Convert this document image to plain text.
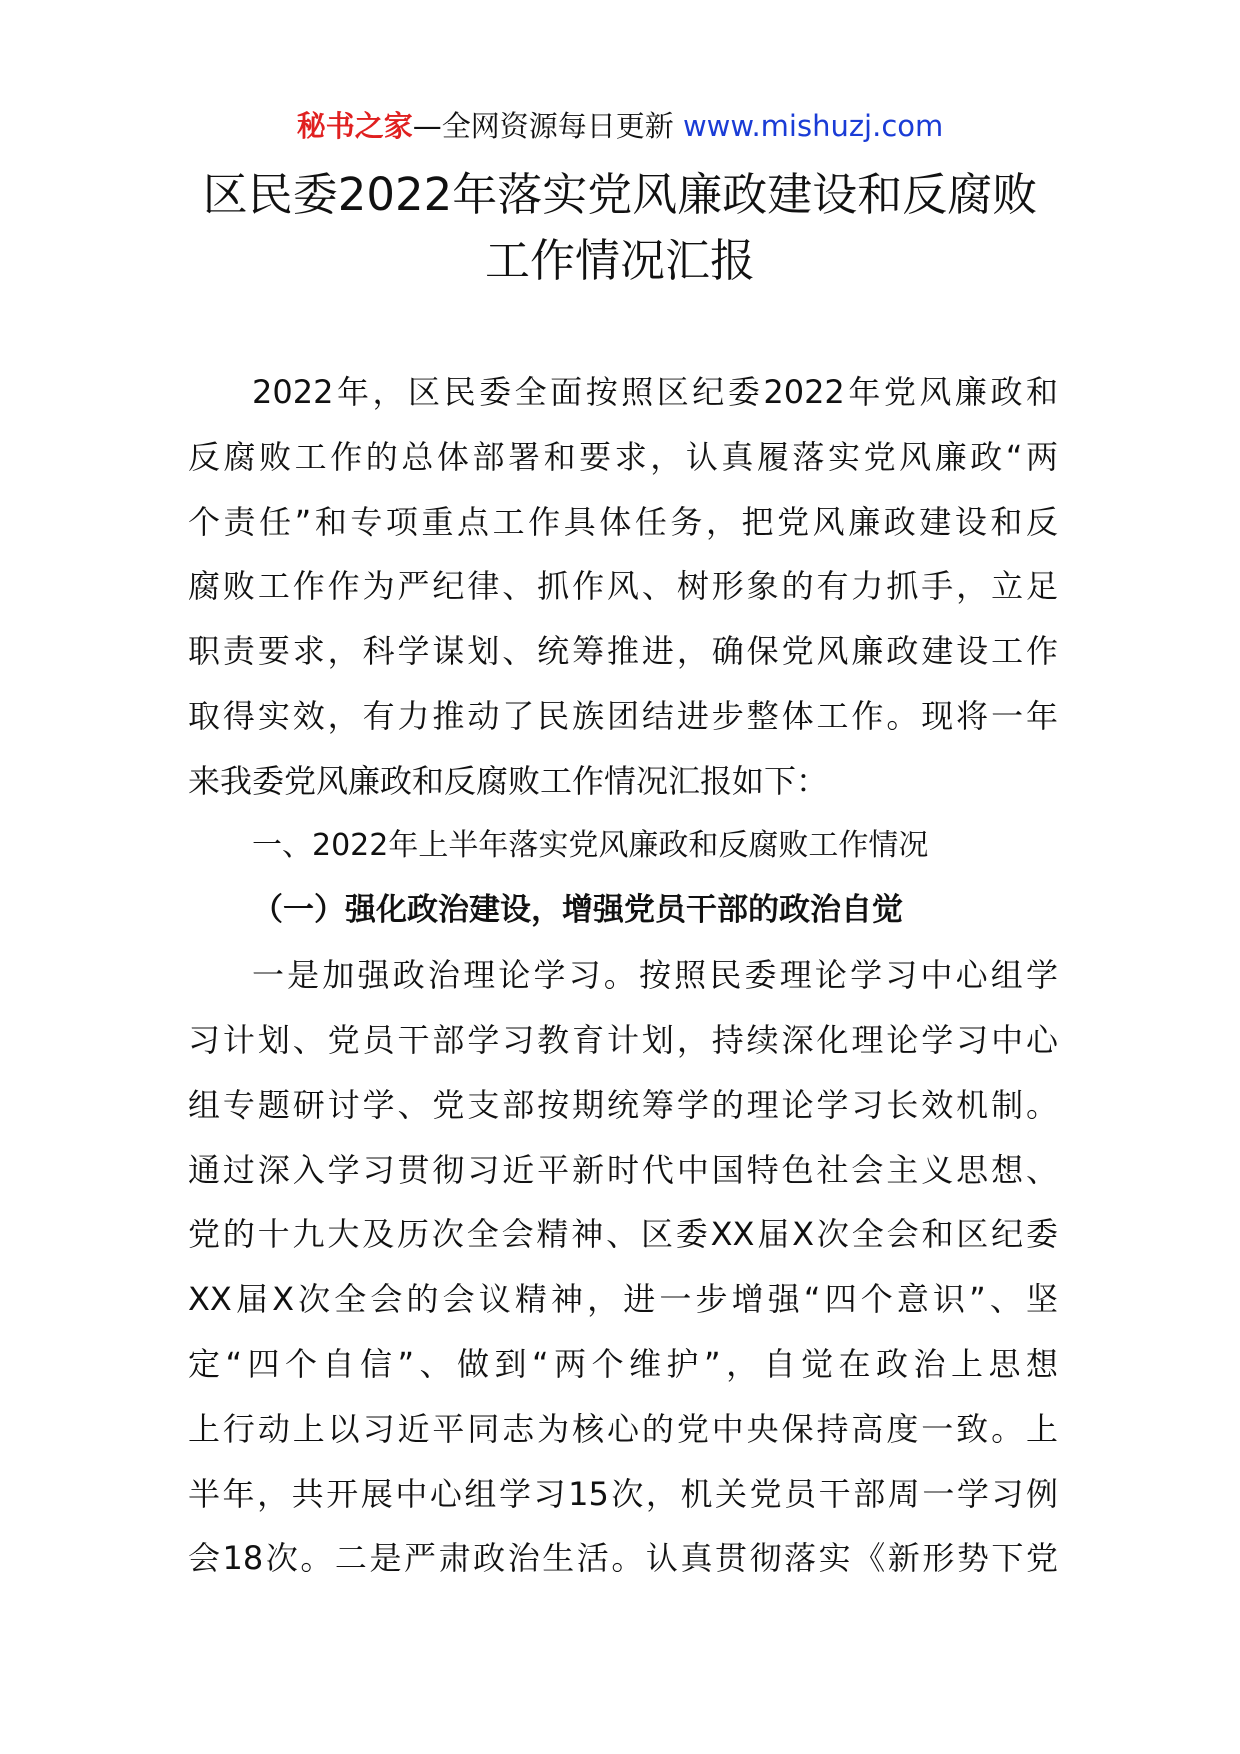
秘书之家—全网资源每日更新 www.mishuzj.com
区民委2022年落实党风廉政建设和反腐败
工作情况汇报
2022年，区民委全面按照区纪委2022年党风廉政和
反腐败工作的总体部署和要求，认真履落实党风廉政“两
个责任”和专项重点工作具体任务，把党风廉政建设和反
腐败工作作为严纪律、抓作风、树形象的有力抓手，立足
职责要求，科学谋划、统筹推进，确保党风廉政建设工作
取得实效，有力推动了民族团结进步整体工作。现将一年
来我委党风廉政和反腐败工作情况汇报如下：
一、2022年上半年落实党风廉政和反腐败工作情况
（一）强化政治建设，增强党员干部的政治自觉
一是加强政治理论学习。按照民委理论学习中心组学
习计划、党员干部学习教育计划，持续深化理论学习中心
组专题研讨学、党支部按期统筹学的理论学习长效机制。
通过深入学习贯彻习近平新时代中国特色社会主义思想、
党的十九大及历次全会精神、区委XX届X次全会和区纪委
XX届X次全会的会议精神，进一步增强“四个意识”、坚
定“四个自信”、做到“两个维护”，自觉在政治上思想
上行动上以习近平同志为核心的党中央保持高度一致。上
半年，共开展中心组学习15次，机关党员干部周一学习例
会18次。二是严肃政治生活。认真贯彻落实《新形势下党
